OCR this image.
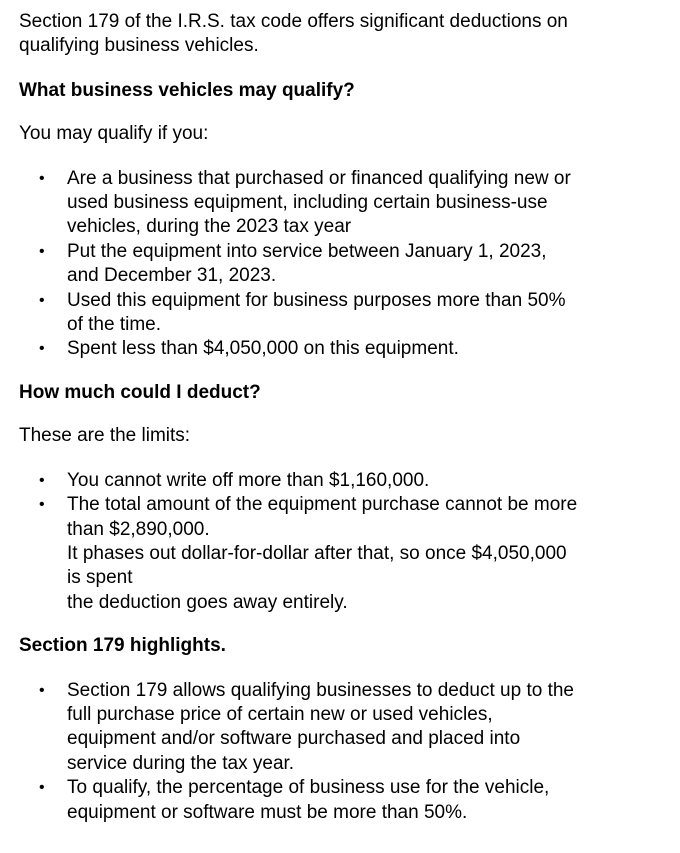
Section 179 of the I.R.S. tax code offers significant deductions on
qualifying business vehicles.

What business vehicles may qualify?

You may qualify if you:

• Are a business that purchased or financed qualifying new or
used business equipment, including certain business-use
vehicles, during the 2023 tax year
• Put the equipment into service between January 1, 2023,
and December 31, 2023.
• Used this equipment for business purposes more than 50%
of the time.
• Spent less than $4,050,000 on this equipment.
How much could I deduct?

These are the limits:

• You cannot write off more than $1,160,000.
• The total amount of the equipment purchase cannot be more
than $2,890,000.
It phases out dollar-for-dollar after that, so once $4,050,000
is spent
the deduction goes away entirely.
Section 179 highlights.
• Section 179 allows qualifying businesses to deduct up to the
full purchase price of certain new or used vehicles,
equipment and/or software purchased and placed into
service during the tax year.
• To qualify, the percentage of business use for the vehicle,
equipment or software must be more than 50%.
